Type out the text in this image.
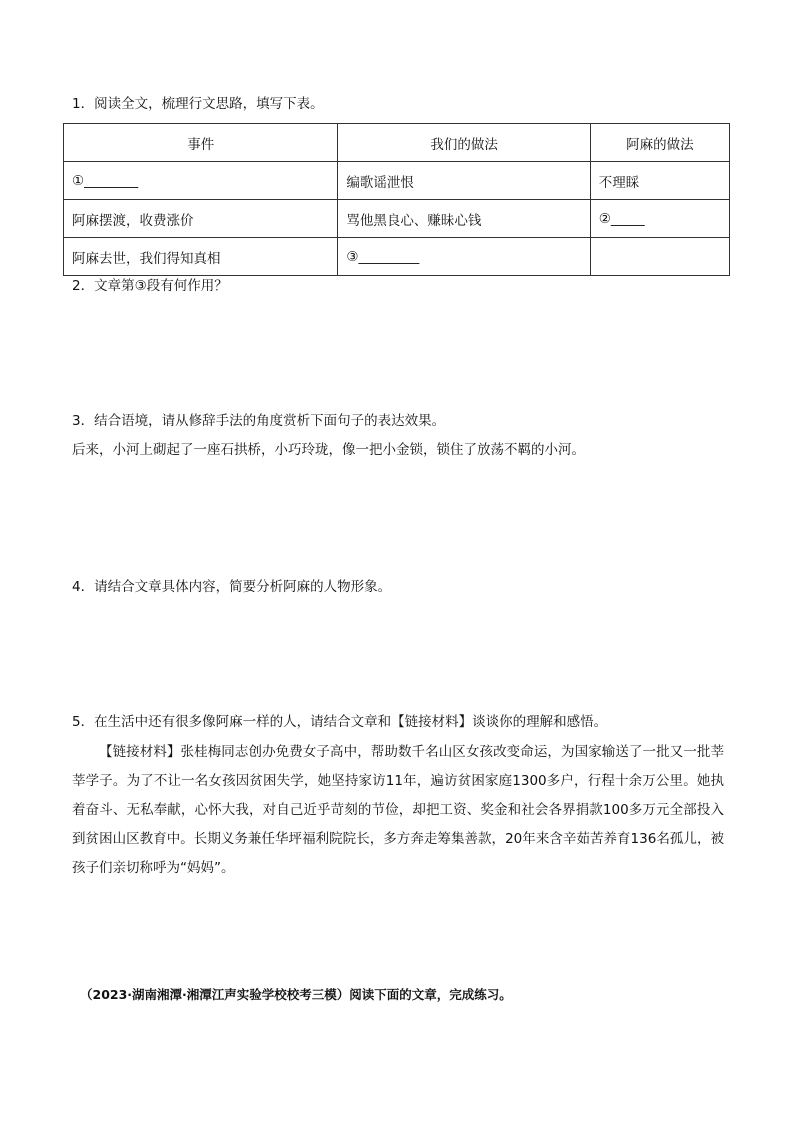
1．阅读全文，梳理行文思路，填写下表。
事件	我们的做法	阿麻的做法
①________	编歌谣泄恨	不理睬
阿麻摆渡，收费涨价	骂他黑良心、赚昧心钱	②_____
阿麻去世，我们得知真相	③_________	
2．文章第③段有何作用？
3．结合语境，请从修辞手法的角度赏析下面句子的表达效果。
后来，小河上砌起了一座石拱桥，小巧玲珑，像一把小金锁，锁住了放荡不羁的小河。
4．请结合文章具体内容，简要分析阿麻的人物形象。
5．在生活中还有很多像阿麻一样的人，请结合文章和【链接材料】谈谈你的理解和感悟。
【链接材料】张桂梅同志创办免费女子高中，帮助数千名山区女孩改变命运，为国家输送了一批又一批莘莘学子。为了不让一名女孩因贫困失学，她坚持家访11年，遍访贫困家庭1300多户，行程十余万公里。她执着奋斗、无私奉献，心怀大我，对自己近乎苛刻的节俭，却把工资、奖金和社会各界捐款100多万元全部投入到贫困山区教育中。长期义务兼任华坪福利院院长，多方奔走筹集善款，20年来含辛茹苦养育136名孤儿，被孩子们亲切称呼为“妈妈”。
（2023·湖南湘潭·湘潭江声实验学校校考三模）阅读下面的文章，完成练习。
